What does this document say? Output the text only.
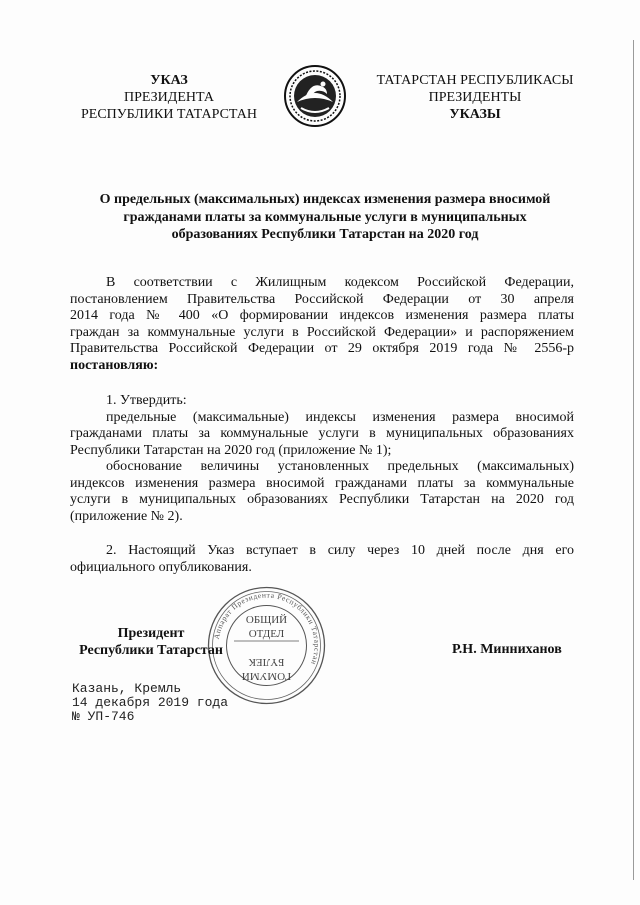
УКАЗ
ПРЕЗИДЕНТА
РЕСПУБЛИКИ ТАТАРСТАН
ТАТАРСТАН РЕСПУБЛИКАСЫ
ПРЕЗИДЕНТЫ
УКАЗЫ
О предельных (максимальных) индексах изменения размера вносимой
гражданами платы за коммунальные услуги в муниципальных
образованиях Республики Татарстан на 2020 год
В соответствии с Жилищным кодексом Российской Федерации,
постановлением Правительства Российской Федерации от 30 апреля
2014 года № 400 «О формировании индексов изменения размера платы
граждан за коммунальные услуги в Российской Федерации» и распоряжением
Правительства Российской Федерации от 29 октября 2019 года № 2556-р
постановляю:
1. Утвердить:
предельные (максимальные) индексы изменения размера вносимой
гражданами платы за коммунальные услуги в муниципальных образованиях
Республики Татарстан на 2020 год (приложение № 1);
обоснование величины установленных предельных (максимальных)
индексов изменения размера вносимой гражданами платы за коммунальные
услуги в муниципальных образованиях Республики Татарстан на 2020 год
(приложение № 2).
2. Настоящий Указ вступает в силу через 10 дней после дня его
официального опубликования.
Аппарат Президента Республики Татарстан
ОБЩИЙ
ОТДЕЛ
ГОМУМИ
БҮЛЕК
Президент
Республики Татарстан	Р.Н. Минниханов
Казань, Кремль
14 декабря 2019 года
№ УП-746
